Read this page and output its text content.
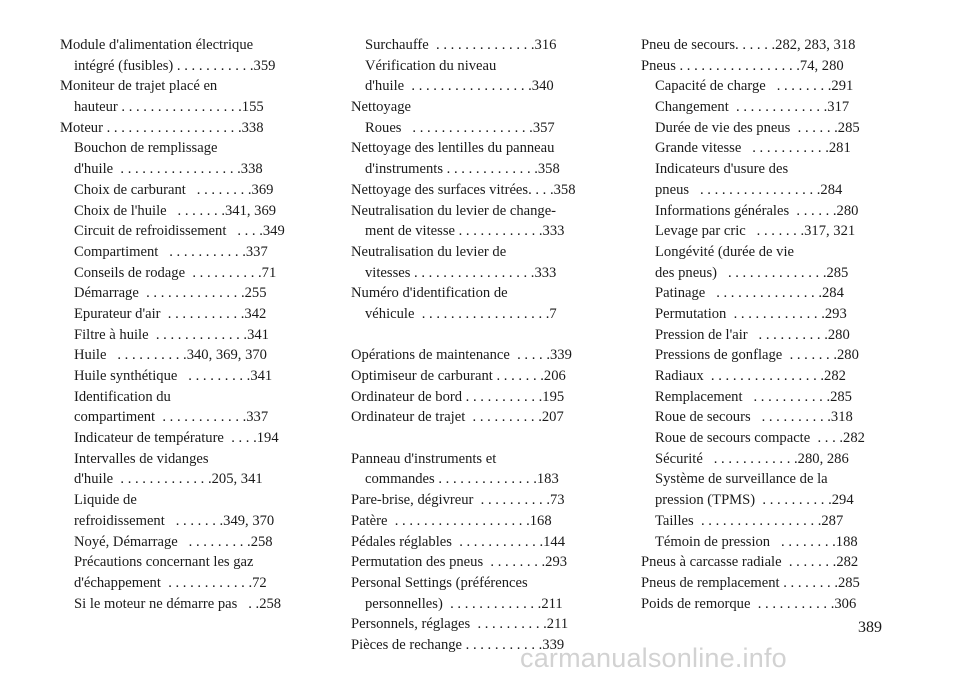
Module d'alimentation électrique
intégré (fusibles) . . . . . . . . . . .359
Moniteur de trajet placé en
hauteur . . . . . . . . . . . . . . . . .155
Moteur . . . . . . . . . . . . . . . . . . .338
Bouchon de remplissage
d'huile  . . . . . . . . . . . . . . . . .338
Choix de carburant   . . . . . . . .369
Choix de l'huile   . . . . . . .341, 369
Circuit de refroidissement   . . . .349
Compartiment   . . . . . . . . . . .337
Conseils de rodage  . . . . . . . . . .71
Démarrage  . . . . . . . . . . . . . .255
Epurateur d'air  . . . . . . . . . . .342
Filtre à huile  . . . . . . . . . . . . .341
Huile   . . . . . . . . . .340, 369, 370
Huile synthétique   . . . . . . . . .341
Identification du
compartiment  . . . . . . . . . . . .337
Indicateur de température  . . . .194
Intervalles de vidanges
d'huile  . . . . . . . . . . . . .205, 341
Liquide de
refroidissement   . . . . . . .349, 370
Noyé, Démarrage   . . . . . . . . .258
Précautions concernant les gaz
d'échappement  . . . . . . . . . . . .72
Si le moteur ne démarre pas   . .258
Surchauffe  . . . . . . . . . . . . . .316
Vérification du niveau
d'huile  . . . . . . . . . . . . . . . . .340
Nettoyage
Roues   . . . . . . . . . . . . . . . . .357
Nettoyage des lentilles du panneau
d'instruments . . . . . . . . . . . . .358
Nettoyage des surfaces vitrées. . . .358
Neutralisation du levier de change-
ment de vitesse . . . . . . . . . . . .333
Neutralisation du levier de
vitesses . . . . . . . . . . . . . . . . .333
Numéro d'identification de
véhicule  . . . . . . . . . . . . . . . . . .7
Opérations de maintenance  . . . . .339
Optimiseur de carburant . . . . . . .206
Ordinateur de bord . . . . . . . . . . .195
Ordinateur de trajet  . . . . . . . . . .207
Panneau d'instruments et
commandes . . . . . . . . . . . . . .183
Pare-brise, dégivreur  . . . . . . . . . .73
Patère  . . . . . . . . . . . . . . . . . . .168
Pédales réglables  . . . . . . . . . . . .144
Permutation des pneus  . . . . . . . .293
Personal Settings (préférences
personnelles)  . . . . . . . . . . . . .211
Personnels, réglages  . . . . . . . . . .211
Pièces de rechange . . . . . . . . . . .339
Pneu de secours. . . . . .282, 283, 318
Pneus . . . . . . . . . . . . . . . . .74, 280
Capacité de charge   . . . . . . . .291
Changement  . . . . . . . . . . . . .317
Durée de vie des pneus  . . . . . .285
Grande vitesse   . . . . . . . . . . .281
Indicateurs d'usure des
pneus   . . . . . . . . . . . . . . . . .284
Informations générales  . . . . . .280
Levage par cric   . . . . . . .317, 321
Longévité (durée de vie
des pneus)   . . . . . . . . . . . . . .285
Patinage   . . . . . . . . . . . . . . .284
Permutation  . . . . . . . . . . . . .293
Pression de l'air   . . . . . . . . . .280
Pressions de gonflage  . . . . . . .280
Radiaux  . . . . . . . . . . . . . . . .282
Remplacement   . . . . . . . . . . .285
Roue de secours   . . . . . . . . . .318
Roue de secours compacte  . . . .282
Sécurité   . . . . . . . . . . . .280, 286
Système de surveillance de la
pression (TPMS)  . . . . . . . . . .294
Tailles  . . . . . . . . . . . . . . . . .287
Témoin de pression   . . . . . . . .188
Pneus à carcasse radiale  . . . . . . .282
Pneus de remplacement . . . . . . . .285
Poids de remorque  . . . . . . . . . . .306
389
carmanualsonline.info
